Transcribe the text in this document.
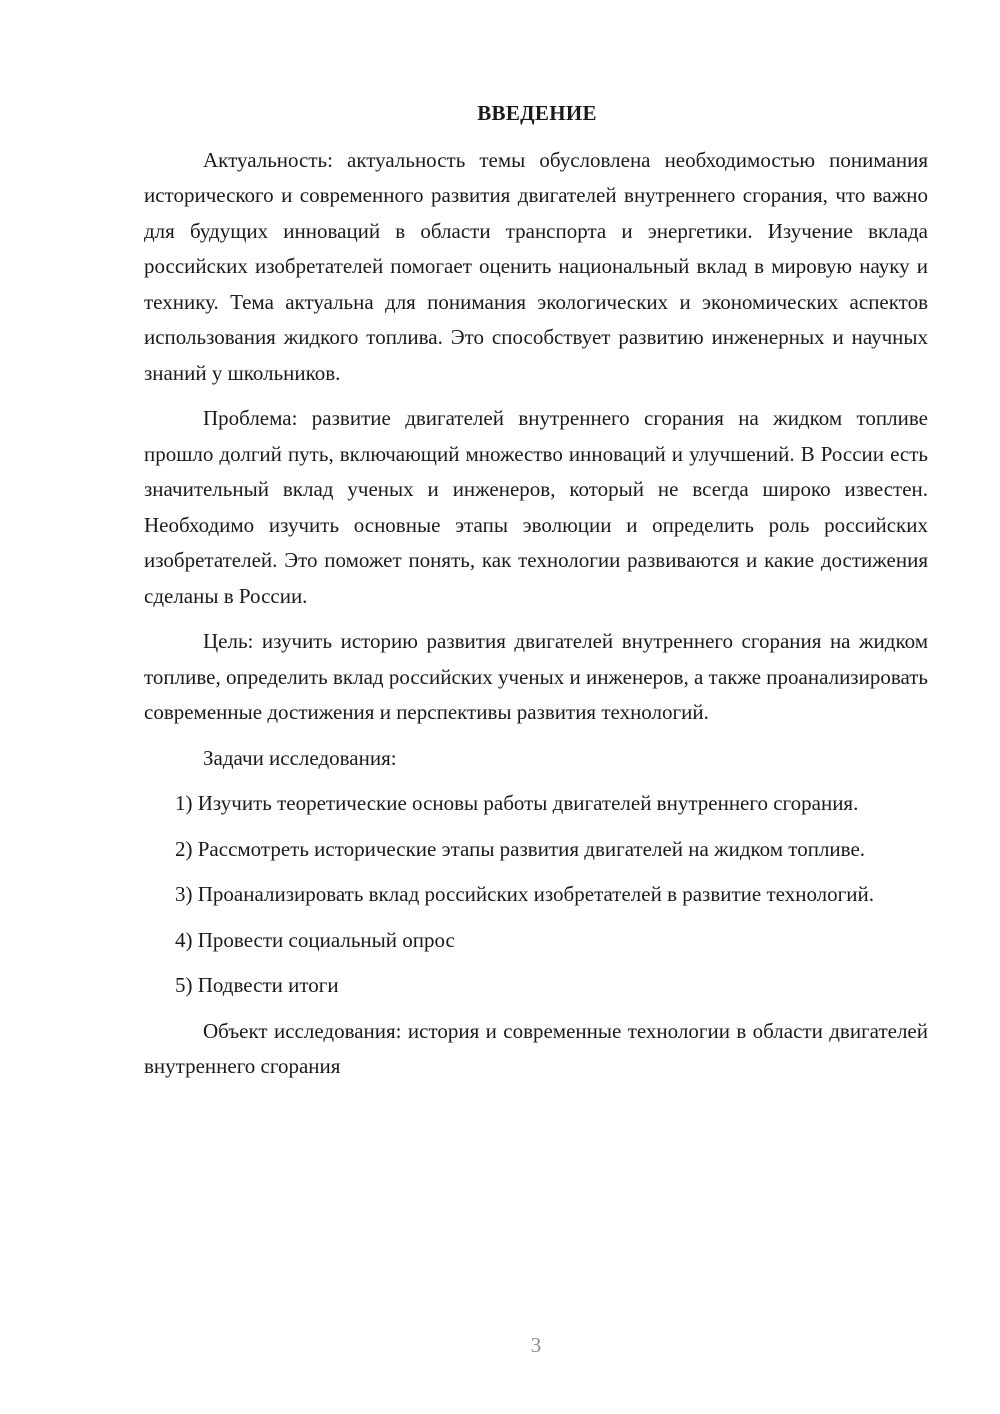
ВВЕДЕНИЕ

Актуальность: актуальность темы обусловлена необходимостью понимания исторического и современного развития двигателей внутреннего сгорания, что важно для будущих инноваций в области транспорта и энергетики. Изучение вклада российских изобретателей помогает оценить национальный вклад в мировую науку и технику. Тема актуальна для понимания экологических и экономических аспектов использования жидкого топлива. Это способствует развитию инженерных и научных знаний у школьников.

Проблема: развитие двигателей внутреннего сгорания на жидком топливе прошло долгий путь, включающий множество инноваций и улучшений. В России есть значительный вклад ученых и инженеров, который не всегда широко известен. Необходимо изучить основные этапы эволюции и определить роль российских изобретателей. Это поможет понять, как технологии развиваются и какие достижения сделаны в России.

Цель: изучить историю развития двигателей внутреннего сгорания на жидком топливе, определить вклад российских ученых и инженеров, а также проанализировать современные достижения и перспективы развития технологий.

Задачи исследования:

1) Изучить теоретические основы работы двигателей внутреннего сгорания.

2) Рассмотреть исторические этапы развития двигателей на жидком топливе.

3) Проанализировать вклад российских изобретателей в развитие технологий.

4) Провести социальный опрос

5) Подвести итоги

Объект исследования: история и современные технологии в области двигателей внутреннего сгорания

3
